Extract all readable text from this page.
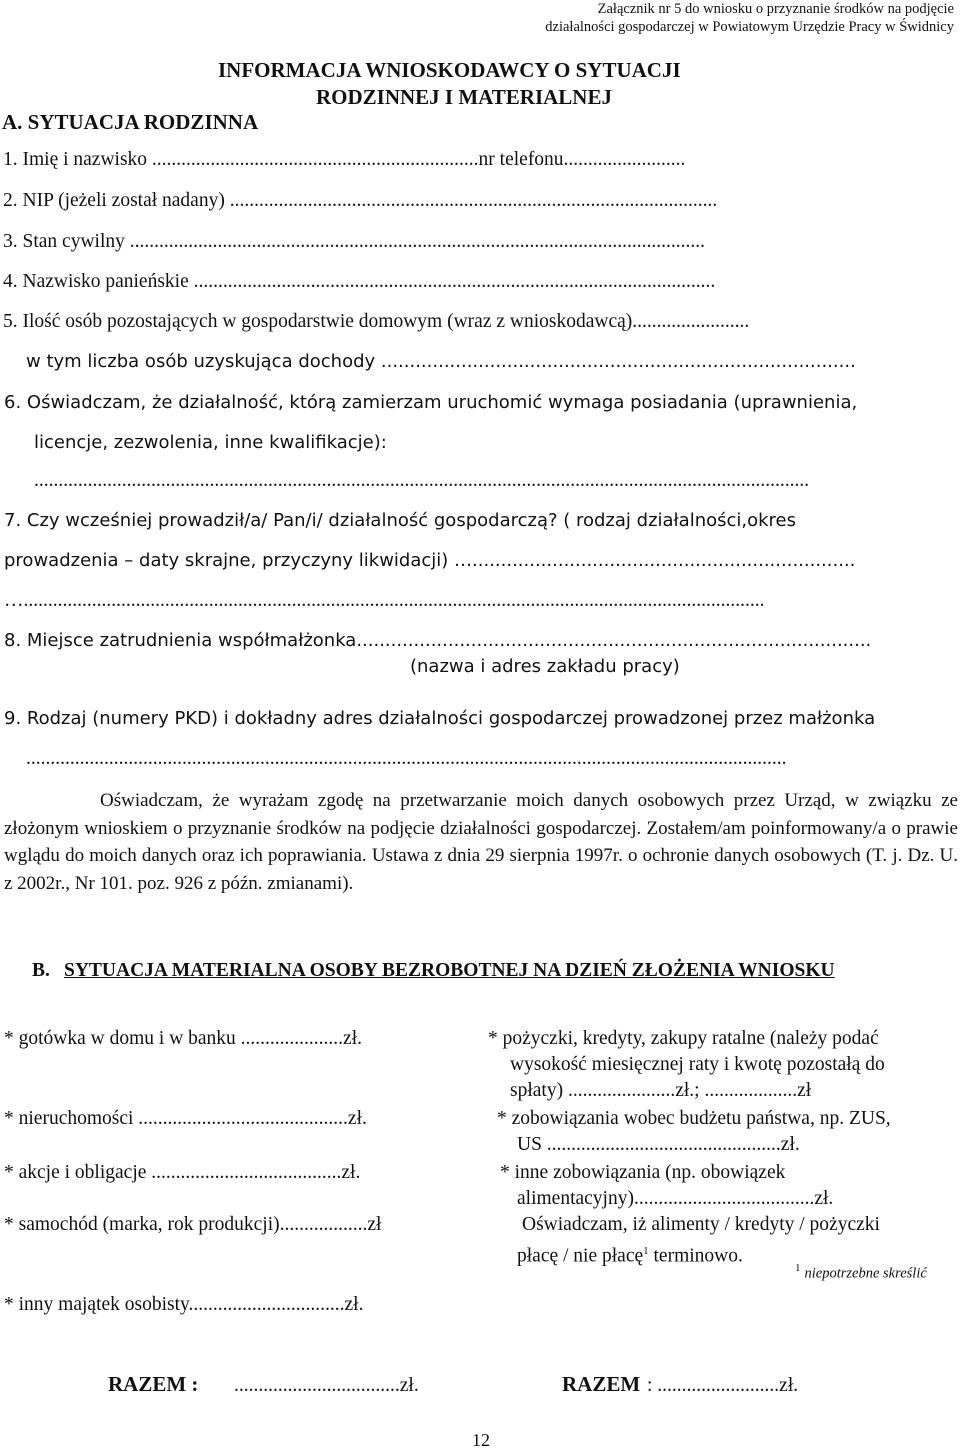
Załącznik nr 5 do wniosku o przyznanie środków na podjęcie
działalności gospodarczej w Powiatowym Urzędzie Pracy w Świdnicy
INFORMACJA WNIOSKODAWCY O SYTUACJI
RODZINNEJ I MATERIALNEJ
A. SYTUACJA RODZINNA
1. Imię i nazwisko ...................................................................nr telefonu.........................
2. NIP (jeżeli został nadany) ....................................................................................................
3. Stan cywilny ......................................................................................................................
4. Nazwisko panieńskie ...........................................................................................................
5. Ilość osób pozostających w gospodarstwie domowym (wraz z wnioskodawcą)........................
w tym liczba osób uzyskująca dochody ...................................................................................
6. Oświadczam, że działalność, którą zamierzam uruchomić wymaga posiadania (uprawnienia,
licencje, zezwolenia, inne kwalifikacje):
...............................................................................................................................................................
7. Czy wcześniej prowadził/a/ Pan/i/ działalność gospodarczą? ( rodzaj działalności,okres
prowadzenia – daty skrajne, przyczyny likwidacji) …...................................................................
…........................................................................................................................................................
8. Miejsce zatrudnienia współmałżonka..........................................................................................
(nazwa i adres zakładu pracy)
9. Rodzaj (numery PKD) i dokładny adres działalności gospodarczej prowadzonej przez małżonka
............................................................................................................................................................
Oświadczam, że wyrażam zgodę na przetwarzanie moich danych osobowych przez Urząd, w związku ze złożonym wnioskiem o przyznanie środków na podjęcie działalności gospodarczej. Zostałem/am poinformowany/a o prawie wglądu do moich danych oraz ich poprawiania. Ustawa z dnia 29 sierpnia 1997r. o ochronie danych osobowych (T. j. Dz. U. z 2002r., Nr 101. poz. 926 z późn. zmianami).
B. SYTUACJA MATERIALNA OSOBY BEZROBOTNEJ NA DZIEŃ ZŁOŻENIA WNIOSKU
* gotówka w domu i w banku .....................zł.
* nieruchomości ...........................................zł.
* akcje i obligacje .......................................zł.
* samochód (marka, rok produkcji)..................zł
* inny majątek osobisty................................zł.
* pożyczki, kredyty, zakupy ratalne (należy podać
wysokość miesięcznej raty i kwotę pozostałą do
spłaty) ......................zł.; ...................zł
* zobowiązania wobec budżetu państwa, np. ZUS,
US ................................................zł.
* inne zobowiązania (np. obowiązek
alimentacyjny).....................................zł.
Oświadczam, iż alimenty / kredyty / pożyczki
płacę / nie płacę$^1$ terminowo.
$^1$ niepotrzebne skreślić
RAZEM : ..................................zł.	RAZEM : .........................zł.
12
